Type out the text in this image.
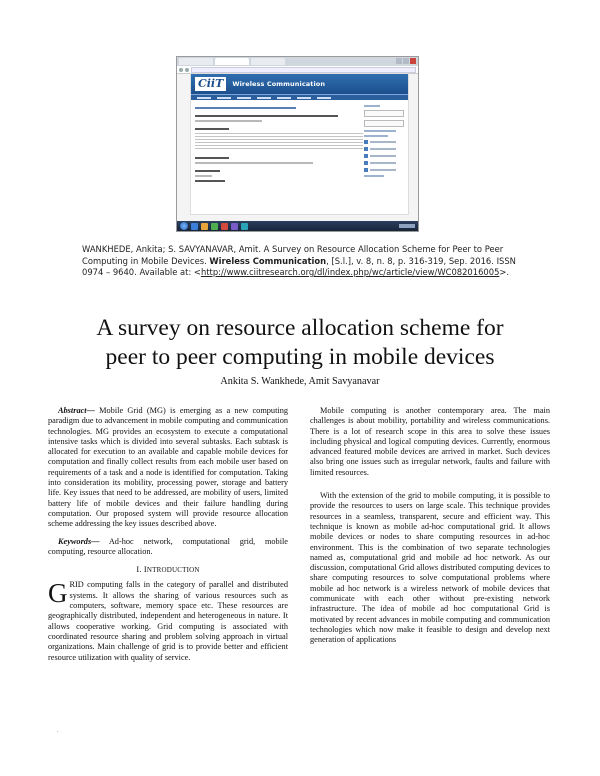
CiiT	Wireless Communication
WANKHEDE, Ankita; S. SAVYANAVAR, Amit. A Survey on Resource Allocation Scheme for Peer to Peer Computing in Mobile Devices. Wireless Communication, [S.l.], v. 8, n. 8, p. 316-319, Sep. 2016. ISSN 0974 – 9640. Available at: <http://www.ciitresearch.org/dl/index.php/wc/article/view/WC082016005>.
A survey on resource allocation scheme for
peer to peer computing in mobile devices
Ankita S. Wankhede, Amit Savyanavar

Abstract— Mobile Grid (MG) is emerging as a new computing paradigm due to advancement in mobile computing and communication technologies. MG provides an ecosystem to execute a computational intensive tasks which is divided into several subtasks. Each subtask is allocated for execution to an available and capable mobile devices for computation and finally collect results from each mobile user based on requirements of a task and a node is identified for computation. Taking into consideration its mobility, processing power, storage and battery life. Key issues that need to be addressed, are mobility of users, limited battery life of mobile devices and their failure handling during computation. Our proposed system will provide resource allocation scheme addressing the key issues described above.

Keywords— Ad-hoc network, computational grid, mobile computing, resource allocation.

I. INTRODUCTION

GRID computing falls in the category of parallel and distributed systems. It allows the sharing of various resources such as computers, software, memory space etc. These resources are geographically distributed, independent and heterogeneous in nature. It allows cooperative working. Grid computing is associated with coordinated resource sharing and problem solving approach in virtual organizations. Main challenge of grid is to provide better and efficient resource utilization with quality of service.

Mobile computing is another contemporary area. The main challenges is about mobility, portability and wireless communications. There is a lot of research scope in this area to solve these issues including physical and logical computing devices. Currently, enormous advanced featured mobile devices are arrived in market. Such devices also bring one issues such as irregular network, faults and failure with limited resources.

With the extension of the grid to mobile computing, it is possible to provide the resources to users on large scale. This technique provides resources in a seamless, transparent, secure and efficient way. This technique is known as mobile ad-hoc computational grid. It allows mobile devices or nodes to share computing resources in ad-hoc environment. This is the combination of two separate technologies named as, computational grid and mobile ad hoc network. As our discussion, computational Grid allows distributed computing devices to share computing resources to solve computational problems where mobile ad hoc network is a wireless network of mobile devices that communicate with each other without pre-existing network infrastructure. The idea of mobile ad hoc computational Grid is motivated by recent advances in mobile computing and communication technologies which now make it feasible to design and develop next generation of applications

.
